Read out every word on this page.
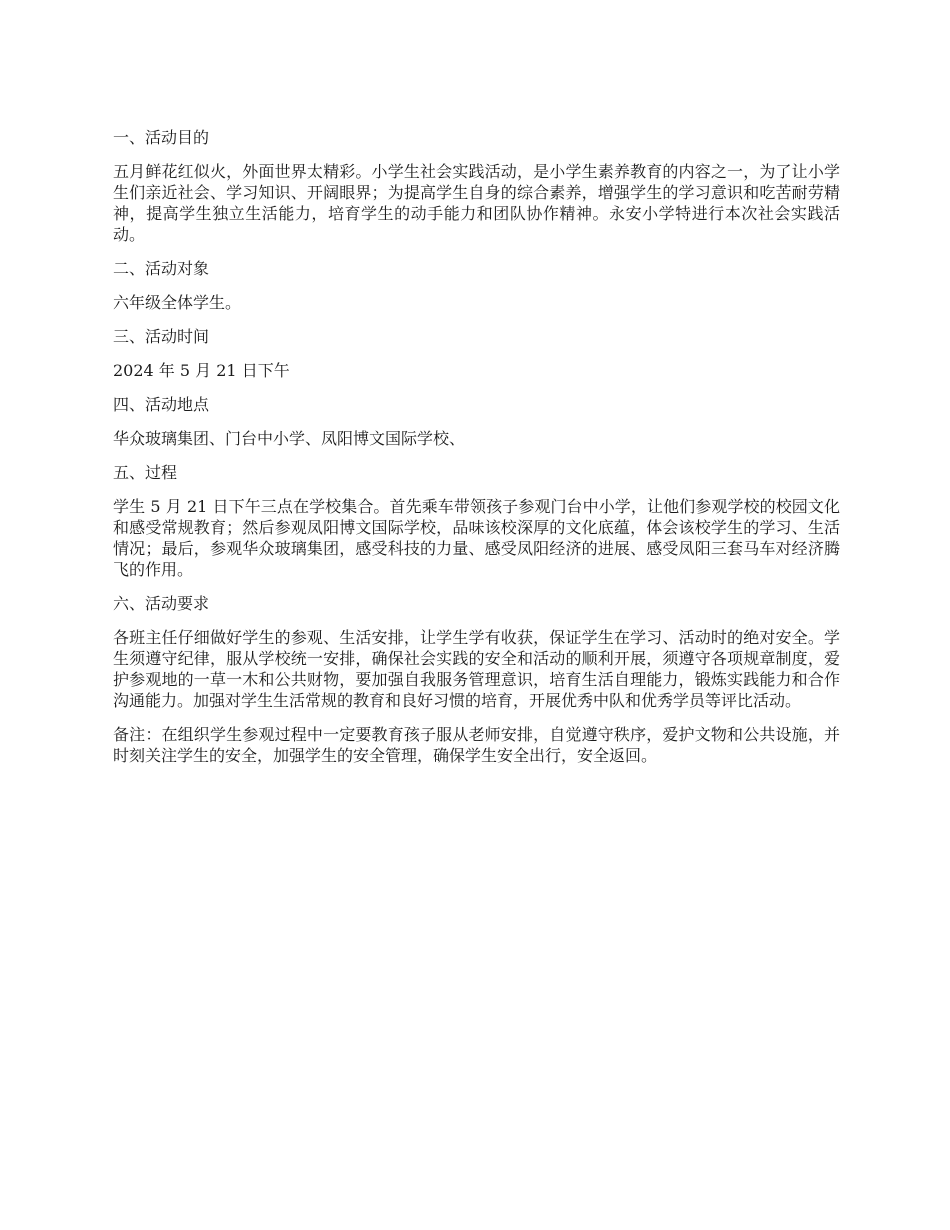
一、活动目的
五月鲜花红似火，外面世界太精彩。小学生社会实践活动，是小学生素养教育的内容之一，为了让小学生们亲近社会、学习知识、开阔眼界；为提高学生自身的综合素养，增强学生的学习意识和吃苦耐劳精神，提高学生独立生活能力，培育学生的动手能力和团队协作精神。永安小学特进行本次社会实践活动。
二、活动对象
六年级全体学生。
三、活动时间
2024 年 5 月 21 日下午
四、活动地点
华众玻璃集团、门台中小学、凤阳博文国际学校、
五、过程
学生 5 月 21 日下午三点在学校集合。首先乘车带领孩子参观门台中小学，让他们参观学校的校园文化和感受常规教育；然后参观凤阳博文国际学校，品味该校深厚的文化底蕴，体会该校学生的学习、生活情况；最后，参观华众玻璃集团，感受科技的力量、感受凤阳经济的进展、感受凤阳三套马车对经济腾飞的作用。
六、活动要求
各班主任仔细做好学生的参观、生活安排，让学生学有收获，保证学生在学习、活动时的绝对安全。学生须遵守纪律，服从学校统一安排，确保社会实践的安全和活动的顺利开展，须遵守各项规章制度，爱护参观地的一草一木和公共财物，要加强自我服务管理意识，培育生活自理能力，锻炼实践能力和合作沟通能力。加强对学生生活常规的教育和良好习惯的培育，开展优秀中队和优秀学员等评比活动。
备注：在组织学生参观过程中一定要教育孩子服从老师安排，自觉遵守秩序，爱护文物和公共设施，并时刻关注学生的安全，加强学生的安全管理，确保学生安全出行，安全返回。
